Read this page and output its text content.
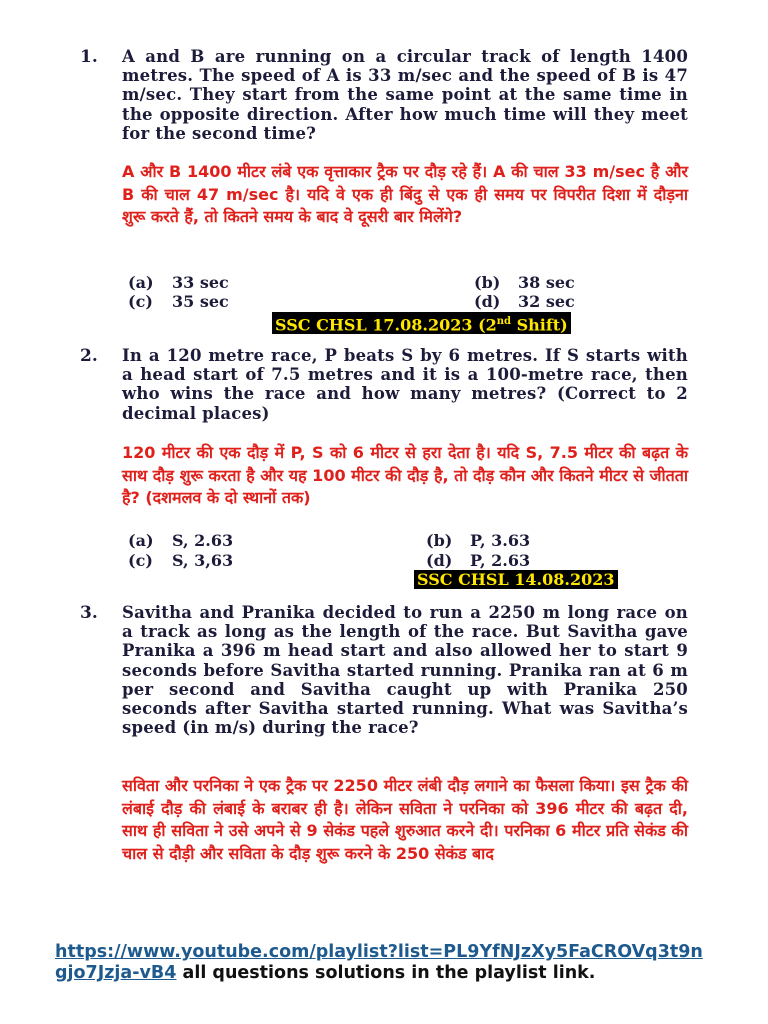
1. A and B are running on a circular track of length 1400 metres. The speed of A is 33 m/sec and the speed of B is 47 m/sec. They start from the same point at the same time in the opposite direction. After how much time will they meet for the second time?
A और B 1400 मीटर लंबे एक वृत्ताकार ट्रैक पर दौड़ रहे हैं। A की चाल 33 m/sec है और B की चाल 47 m/sec है। यदि वे एक ही बिंदु से एक ही समय पर विपरीत दिशा में दौड़ना शुरू करते हैं, तो कितने समय के बाद वे दूसरी बार मिलेंगे?
(a) 33 sec	(b) 38 sec
(c) 35 sec	(d) 32 sec
SSC CHSL 17.08.2023 (2nd Shift)
2. In a 120 metre race, P beats S by 6 metres. If S starts with a head start of 7.5 metres and it is a 100-metre race, then who wins the race and how many metres? (Correct to 2 decimal places)
120 मीटर की एक दौड़ में P, S को 6 मीटर से हरा देता है। यदि S, 7.5 मीटर की बढ़त के साथ दौड़ शुरू करता है और यह 100 मीटर की दौड़ है, तो दौड़ कौन और कितने मीटर से जीतता है? (दशमलव के दो स्थानों तक)
(a) S, 2.63	(b) P, 3.63
(c) S, 3,63	(d) P, 2.63
SSC CHSL 14.08.2023
3. Savitha and Pranika decided to run a 2250 m long race on a track as long as the length of the race. But Savitha gave Pranika a 396 m head start and also allowed her to start 9 seconds before Savitha started running. Pranika ran at 6 m per second and Savitha caught up with Pranika 250 seconds after Savitha started running. What was Savitha’s speed (in m/s) during the race?
सविता और परनिका ने एक ट्रैक पर 2250 मीटर लंबी दौड़ लगाने का फैसला किया। इस ट्रैक की लंबाई दौड़ की लंबाई के बराबर ही है। लेकिन सविता ने परनिका को 396 मीटर की बढ़त दी, साथ ही सविता ने उसे अपने से 9 सेकंड पहले शुरुआत करने दी। परनिका 6 मीटर प्रति सेकंड की चाल से दौड़ी और सविता के दौड़ शुरू करने के 250 सेकंड बाद
https://www.youtube.com/playlist?list=PL9YfNJzXy5FaCROVq3t9ngjo7Jzja-vB4 all questions solutions in the playlist link.
